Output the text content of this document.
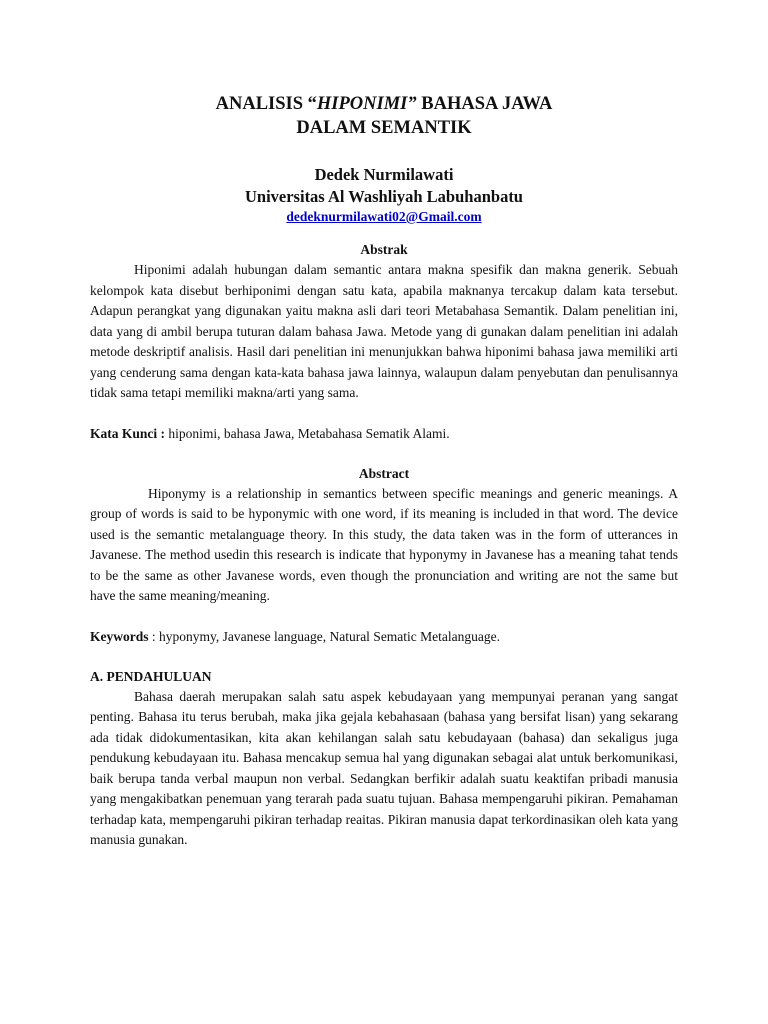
ANALISIS “HIPONIMI” BAHASA JAWA
DALAM SEMANTIK
Dedek Nurmilawati
Universitas Al Washliyah Labuhanbatu
dedeknurmilawati02@Gmail.com
Abstrak

Hiponimi adalah hubungan dalam semantic antara makna spesifik dan makna generik. Sebuah kelompok kata disebut berhiponimi dengan satu kata, apabila maknanya tercakup dalam kata tersebut. Adapun perangkat yang digunakan yaitu makna asli dari teori Metabahasa Semantik. Dalam penelitian ini, data yang di ambil berupa tuturan dalam bahasa Jawa. Metode yang di gunakan dalam penelitian ini adalah metode deskriptif analisis. Hasil dari penelitian ini menunjukkan bahwa hiponimi bahasa jawa memiliki arti yang cenderung sama dengan kata-kata bahasa jawa lainnya, walaupun dalam penyebutan dan penulisannya tidak sama tetapi memiliki makna/arti yang sama.

Kata Kunci : hiponimi, bahasa Jawa, Metabahasa Sematik Alami.
Abstract

Hiponymy is a relationship in semantics between specific meanings and generic meanings. A group of words is said to be hyponymic with one word, if its meaning is included in that word. The device used is the semantic metalanguage theory. In this study, the data taken was in the form of utterances in Javanese. The method usedin this research is indicate that hyponymy in Javanese has a meaning tahat tends to be the same as other Javanese words, even though the pronunciation and writing are not the same but have the same meaning/meaning.

Keywords : hyponymy, Javanese language, Natural Sematic Metalanguage.
A. PENDAHULUAN

Bahasa daerah merupakan salah satu aspek kebudayaan yang mempunyai peranan yang sangat penting. Bahasa itu terus berubah, maka jika gejala kebahasaan (bahasa yang bersifat lisan) yang sekarang ada tidak didokumentasikan, kita akan kehilangan salah satu kebudayaan (bahasa) dan sekaligus juga pendukung kebudayaan itu. Bahasa mencakup semua hal yang digunakan sebagai alat untuk berkomunikasi, baik berupa tanda verbal maupun non verbal. Sedangkan berfikir adalah suatu keaktifan pribadi manusia yang mengakibatkan penemuan yang terarah pada suatu tujuan. Bahasa mempengaruhi pikiran. Pemahaman terhadap kata, mempengaruhi pikiran terhadap reaitas. Pikiran manusia dapat terkordinasikan oleh kata yang manusia gunakan.
